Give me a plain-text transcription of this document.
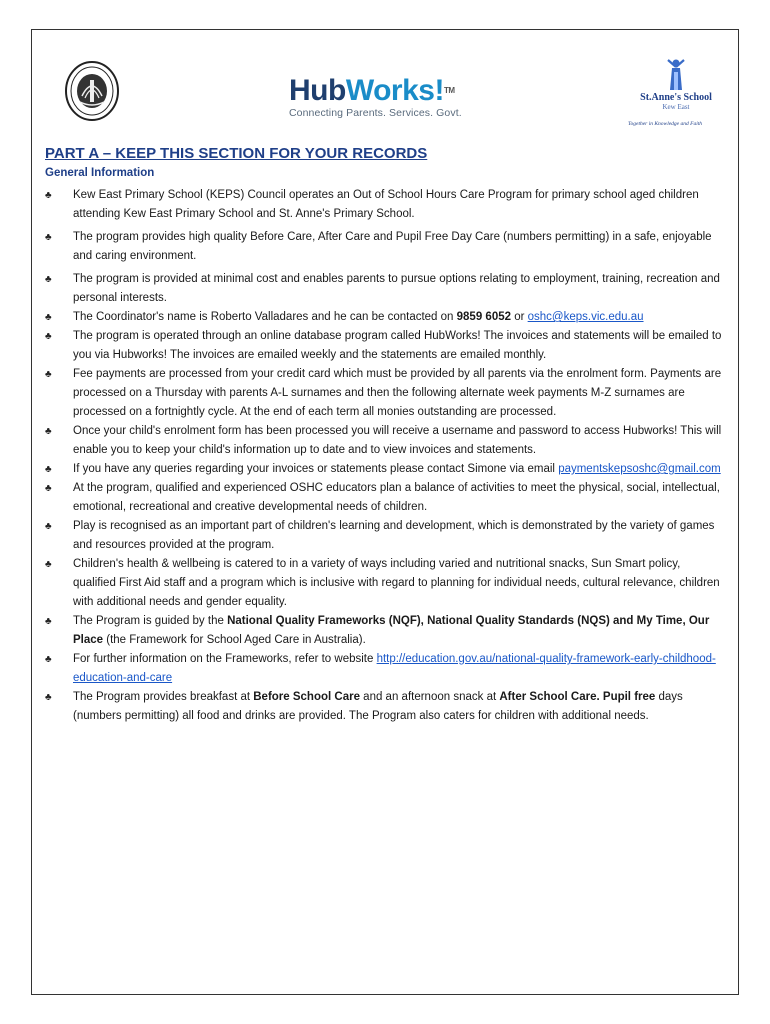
HubWorks!™
Connecting Parents. Services. Govt.
St.Anne's School
Kew East
Together in Knowledge and Faith
PART A – KEEP THIS SECTION FOR YOUR RECORDS
General Information
♣ Kew East Primary School (KEPS) Council operates an Out of School Hours Care Program for primary school aged children attending Kew East Primary School and St. Anne's Primary School.
♣ The program provides high quality Before Care, After Care and Pupil Free Day Care (numbers permitting) in a safe, enjoyable and caring environment.
♣ The program is provided at minimal cost and enables parents to pursue options relating to employment, training, recreation and personal interests.
♣ The Coordinator's name is Roberto Valladares and he can be contacted on 9859 6052 or oshc@keps.vic.edu.au
♣ The program is operated through an online database program called HubWorks! The invoices and statements will be emailed to you via Hubworks! The invoices are emailed weekly and the statements are emailed monthly.
♣ Fee payments are processed from your credit card which must be provided by all parents via the enrolment form. Payments are processed on a Thursday with parents A-L surnames and then the following alternate week payments M-Z surnames are processed on a fortnightly cycle. At the end of each term all monies outstanding are processed.
♣ Once your child's enrolment form has been processed you will receive a username and password to access Hubworks! This will enable you to keep your child's information up to date and to view invoices and statements.
♣ If you have any queries regarding your invoices or statements please contact Simone via email paymentskepsoshc@gmail.com
♣ At the program, qualified and experienced OSHC educators plan a balance of activities to meet the physical, social, intellectual, emotional, recreational and creative developmental needs of children.
♣ Play is recognised as an important part of children's learning and development, which is demonstrated by the variety of games and resources provided at the program.
♣ Children's health & wellbeing is catered to in a variety of ways including varied and nutritional snacks, Sun Smart policy, qualified First Aid staff and a program which is inclusive with regard to planning for individual needs, cultural relevance, children with additional needs and gender equality.
♣ The Program is guided by the National Quality Frameworks (NQF), National Quality Standards (NQS) and My Time, Our Place (the Framework for School Aged Care in Australia).
♣ For further information on the Frameworks, refer to website http://education.gov.au/national-quality-framework-early-childhood-education-and-care
♣ The Program provides breakfast at Before School Care and an afternoon snack at After School Care. Pupil free days (numbers permitting) all food and drinks are provided. The Program also caters for children with additional needs.
